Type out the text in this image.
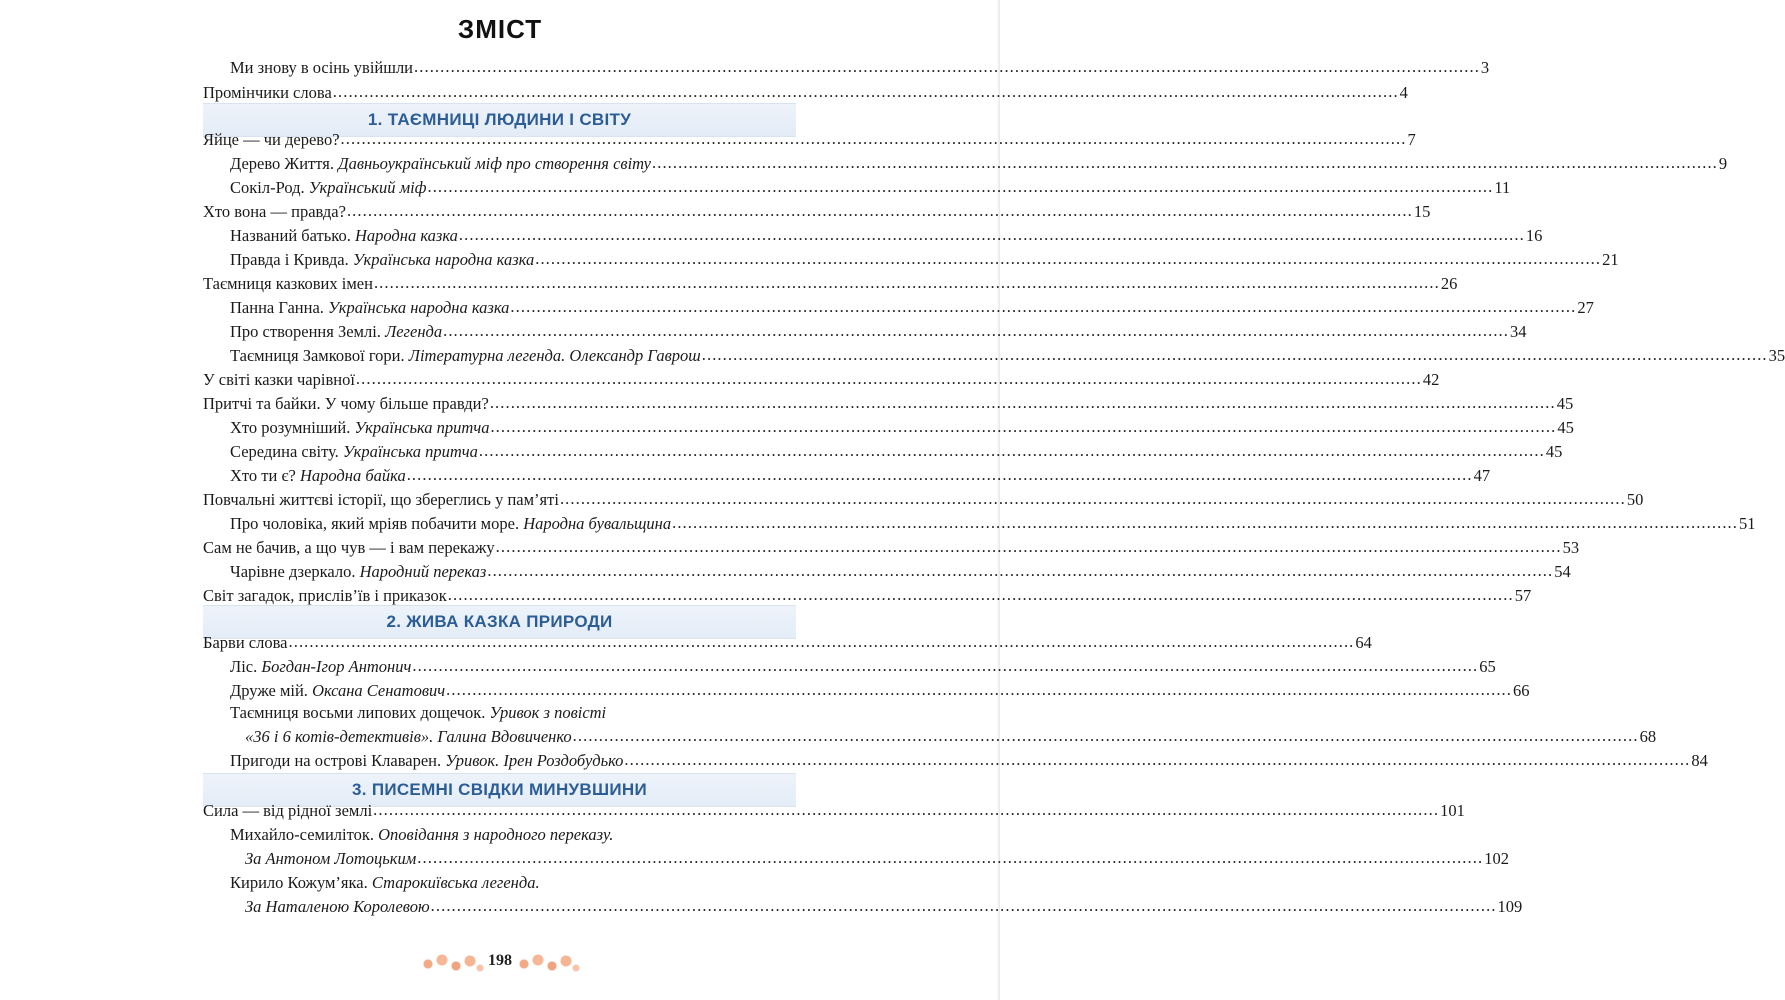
ЗМІСТ
Ми знову в осінь увійшли ............................................................................................................................................................................................................ 3
Промінчики слова ............................................................................................................................................................................................................ 4
1. ТАЄМНИЦІ ЛЮДИНИ І СВІТУ
Яйце — чи дерево? ............................................................................................................................................................................................................ 7
Дерево Життя. Давньоукраїнський міф про створення світу ............................................................................................................................................................................................................ 9
Сокіл-Род. Український міф ............................................................................................................................................................................................................ 11
Хто вона — правда? ............................................................................................................................................................................................................ 15
Названий батько. Народна казка ............................................................................................................................................................................................................ 16
Правда і Кривда. Українська народна казка ............................................................................................................................................................................................................ 21
Таємниця казкових імен ............................................................................................................................................................................................................ 26
Панна Ганна. Українська народна казка ............................................................................................................................................................................................................ 27
Про створення Землі. Легенда ............................................................................................................................................................................................................ 34
Таємниця Замкової гори. Літературна легенда. Олександр Гаврош ............................................................................................................................................................................................................ 35
У світі казки чарівної ............................................................................................................................................................................................................ 42
Притчі та байки. У чому більше правди? ............................................................................................................................................................................................................ 45
Хто розумніший. Українська притча ............................................................................................................................................................................................................ 45
Середина світу. Українська притча ............................................................................................................................................................................................................ 45
Хто ти є? Народна байка ............................................................................................................................................................................................................ 47
Повчальні життєві історії, що збереглись у пам’яті ............................................................................................................................................................................................................ 50
Про чоловіка, який мріяв побачити море. Народна бувальщина ............................................................................................................................................................................................................ 51
Сам не бачив, а що чув — і вам перекажу ............................................................................................................................................................................................................ 53
Чарівне дзеркало. Народний переказ ............................................................................................................................................................................................................ 54
Світ загадок, прислів’їв і приказок ............................................................................................................................................................................................................ 57
2. ЖИВА КАЗКА ПРИРОДИ
Барви слова ............................................................................................................................................................................................................ 64
Ліс. Богдан-Ігор Антонич ............................................................................................................................................................................................................ 65
Друже мій. Оксана Сенатович ............................................................................................................................................................................................................ 66
Таємниця восьми липових дощечок. Уривок з повісті
«36 і 6 котів-детективів». Галина Вдовиченко ............................................................................................................................................................................................................ 68
Пригоди на острові Клаварен. Уривок. Ірен Роздобудько ............................................................................................................................................................................................................ 84
3. ПИСЕМНІ СВІДКИ МИНУВШИНИ
Сила — від рідної землі ............................................................................................................................................................................................................ 101
Михайло-семиліток. Оповідання з народного переказу.
За Антоном Лотоцьким ............................................................................................................................................................................................................ 102
Кирило Кожум’яка. Старокиївська легенда.
За Наталеною Королевою ............................................................................................................................................................................................................ 109
198
